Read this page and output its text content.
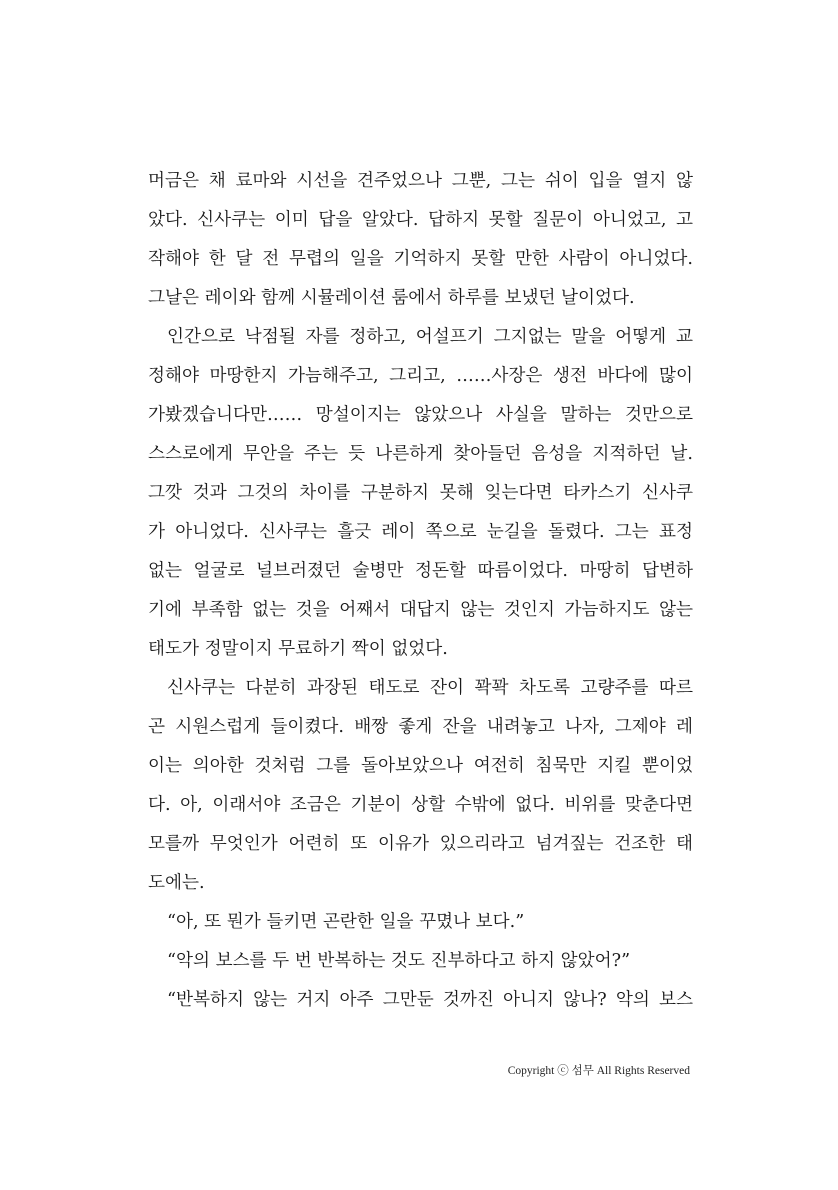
머금은 채 료마와 시선을 견주었으나 그뿐, 그는 쉬이 입을 열지 않
았다. 신사쿠는 이미 답을 알았다. 답하지 못할 질문이 아니었고, 고
작해야 한 달 전 무렵의 일을 기억하지 못할 만한 사람이 아니었다.
그날은 레이와 함께 시뮬레이션 룸에서 하루를 보냈던 날이었다.
인간으로 낙점될 자를 정하고, 어설프기 그지없는 말을 어떻게 교
정해야 마땅한지 가늠해주고, 그리고, ……사장은 생전 바다에 많이
가봤겠습니다만…… 망설이지는 않았으나 사실을 말하는 것만으로
스스로에게 무안을 주는 듯 나른하게 찾아들던 음성을 지적하던 날.
그깟 것과 그것의 차이를 구분하지 못해 잊는다면 타카스기 신사쿠
가 아니었다. 신사쿠는 흘긋 레이 쪽으로 눈길을 돌렸다. 그는 표정
없는 얼굴로 널브러졌던 술병만 정돈할 따름이었다. 마땅히 답변하
기에 부족함 없는 것을 어째서 대답지 않는 것인지 가늠하지도 않는
태도가 정말이지 무료하기 짝이 없었다.
신사쿠는 다분히 과장된 태도로 잔이 꽉꽉 차도록 고량주를 따르
곤 시원스럽게 들이켰다. 배짱 좋게 잔을 내려놓고 나자, 그제야 레
이는 의아한 것처럼 그를 돌아보았으나 여전히 침묵만 지킬 뿐이었
다. 아, 이래서야 조금은 기분이 상할 수밖에 없다. 비위를 맞춘다면
모를까 무엇인가 어련히 또 이유가 있으리라고 넘겨짚는 건조한 태
도에는.
“아, 또 뭔가 들키면 곤란한 일을 꾸몄나 보다.”
“악의 보스를 두 번 반복하는 것도 진부하다고 하지 않았어?”
“반복하지 않는 거지 아주 그만둔 것까진 아니지 않나? 악의 보스
Copyright ⓒ 섬무 All Rights Reserved
